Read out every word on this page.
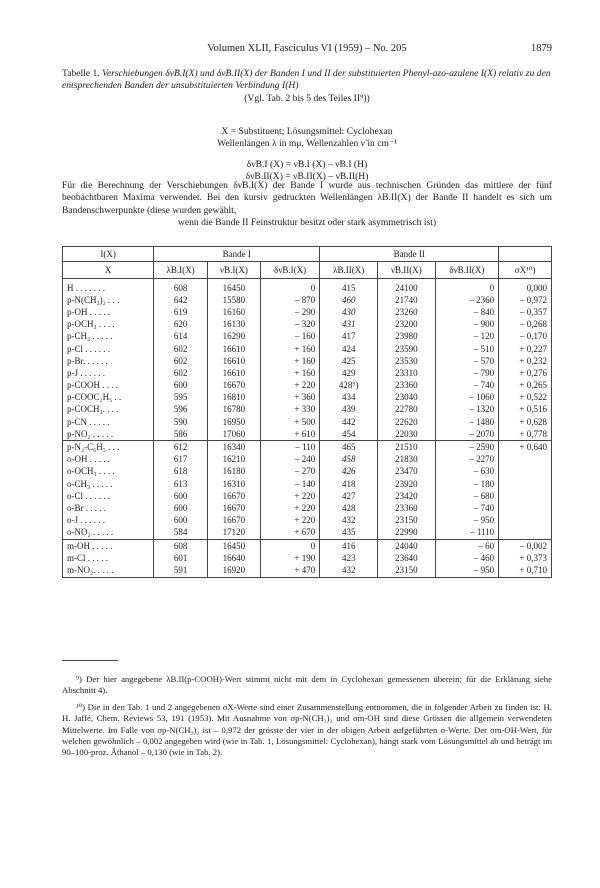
Volumen XLII, Fasciculus VI (1959) – No. 205	1879
Tabelle 1. Verschiebungen δν̃B.I(X) und δν̃B.II(X) der Banden I und II der substituierten Phenyl-azo-azulene I(X) relativ zu den entsprechenden Banden der unsubstituierten Verbindung I(H)
(Vgl. Tab. 2 bis 5 des Teiles II⁹))
X = Substituent; Lösungsmittel: Cyclohexan
Wellenlängen λ in mμ, Wellenzahlen ν̃ in cm⁻¹
δν̃B.I (X) = ν̃B.I (X) – ν̃B.I (H)
δν̃B.II(X) = ν̃B.II(X) – ν̃B.II(H)
Für die Berechnung der Verschiebungen δν̃B.I(X) der Bande I wurde aus technischen Gründen das mittlere der fünf beobachtbaren Maxima verwendet. Bei den kursiv gedruckten Wellenlängen λB.II(X) der Bande II handelt es sich um Bandenschwerpunkte (diese wurden gewählt,
wenn die Bande II Feinstruktur besitzt oder stark asymmetrisch ist)
I(X)	Bande I			Bande II			
X	λB.I(X)	ν̃B.I(X)	δν̃B.I(X)	λB.II(X)	ν̃B.II(X)	δν̃B.II(X)	σX¹⁰)
H . . . . . . .	608	16450	0	415	24100	0	0,000
p-N(CH₃)₂ . . .	642	15580	– 870	460	21740	– 2360	– 0,972
p-OH . . . . .	619	16160	– 290	430	23260	– 840	– 0,357
p-OCH₃ . . . .	620	16130	– 320	431	23200	– 900	– 0,268
p-CH₃ . . . . .	614	16290	– 160	417	23980	– 120	– 0,170
p-Cl . . . . . .	602	16610	+ 160	424	23590	– 510	+ 0,227
p-Br. . . . . .	602	16610	+ 160	425	23530	– 570	+ 0,232
p-J . . . . . .	602	16610	+ 160	429	23310	– 790	+ 0,276
p-COOH . . . .	600	16670	+ 220	428⁹)	23360	– 740	+ 0,265
p-COOC₂H₅ . .	595	16810	+ 360	434	23040	– 1060	+ 0,522
p-COCH₃. . . .	596	16780	+ 330	439	22780	– 1320	+ 0,516
p-CN . . . . .	590	16950	+ 500	442	22620	– 1480	+ 0,628
p-NO₂ . . . . .	586	17060	+ 610	454	22030	– 2070	+ 0,778
p-N₂-C₆H₅ . . .	612	16340	– 110	465	21510	– 2590	+ 0,640
o-OH . . . . .	617	16210	– 240	458	21830	– 2270	
o-OCH₃ . . . .	618	16180	– 270	426	23470	– 630	
o-CH₃ . . . . .	613	16310	– 140	418	23920	– 180	
o-Cl . . . . . .	600	16670	+ 220	427	23420	– 680	
o-Br . . . . .	600	16670	+ 220	428	23360	– 740	
o-J . . . . . .	600	16670	+ 220	432	23150	– 950	
o-NO₂ . . . . .	584	17120	+ 670	435	22990	– 1110	
m-OH . . . . .	608	16450	0	416	24040	– 60	– 0,002
m-Cl . . . . .	601	16640	+ 190	423	23640	– 460	+ 0,373
m-NO₂. . . . .	591	16920	+ 470	432	23150	– 950	+ 0,710

⁹) Der hier angegebene λB.II(p-COOH)-Wert stimmt nicht mit dem in Cyclohexan gemessenen überein; für die Erklärung siehe Abschnitt 4).

¹⁰) Die in den Tab. 1 und 2 angegebenen σX-Werte sind einer Zusammenstellung entnommen, die in folgender Arbeit zu finden ist: H. H. Jaffé, Chem. Reviews 53, 191 (1953). Mit Ausnahme von σp-N(CH₃)₂ und σm-OH sind diese Grössen die allgemein verwendeten Mittelwerte. Im Falle von σp-N(CH₃)₂ ist – 0,972 der grösste der vier in der obigen Arbeit aufgeführten σ-Werte. Der σm-OH-Wert, für welchen gewöhnlich – 0,002 angegeben wird (wie in Tab. 1, Lösungsmittel: Cyclohexan), hängt stark vom Lösungsmittel ab und beträgt im 90–100-proz. Äthanol – 0,130 (wie in Tab. 2).
